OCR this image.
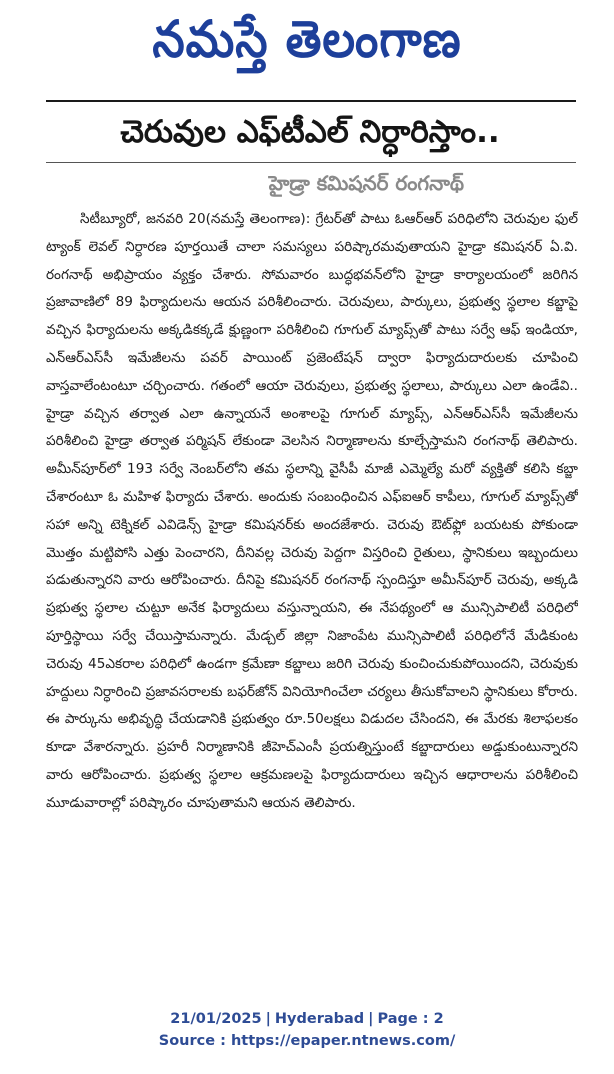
నమస్తే తెలంగాణ
చెరువుల ఎఫ్‌టీఎల్ నిర్ధారిస్తాం..
హైడ్రా కమిషనర్ రంగనాథ్
సిటీబ్యూరో, జనవరి 20(నమస్తే తెలంగాణ): గ్రేటర్‌తో పాటు ఓఆర్‌ఆర్ పరిధిలోని చెరువుల ఫుల్ ట్యాంక్ లెవల్ నిర్ధారణ పూర్తయితే చాలా సమస్యలు పరిష్కారమవుతాయని హైడ్రా కమిషనర్ ఏ.వి. రంగనాథ్ అభిప్రాయం వ్యక్తం చేశారు. సోమవారం బుద్ధభవన్‌లోని హైడ్రా కార్యాలయంలో జరిగిన ప్రజావాణిలో 89 ఫిర్యాదులను ఆయన పరిశీలించారు. చెరువులు, పార్కులు, ప్రభుత్వ స్థలాల కబ్జాపై వచ్చిన ఫిర్యాదులను అక్కడికక్కడే క్షుణ్ణంగా పరిశీలించి గూగుల్ మ్యాప్స్‌తో పాటు సర్వే ఆఫ్ ఇండియా, ఎన్ఆర్ఎస్‌సీ ఇమేజీలను పవర్ పాయింట్ ప్రజెంటేషన్ ద్వారా ఫిర్యాదుదారులకు చూపించి వాస్తవాలేంటంటూ చర్చించారు. గతంలో ఆయా చెరువులు, ప్రభుత్వ స్థలాలు, పార్కులు ఎలా ఉండేవి.. హైడ్రా వచ్చిన తర్వాత ఎలా ఉన్నాయనే అంశాలపై గూగుల్ మ్యాప్స్, ఎన్ఆర్ఎస్‌సీ ఇమేజీలను పరిశీలించి హైడ్రా తర్వాత పర్మిషన్ లేకుండా వెలసిన నిర్మాణాలను కూల్చేస్తామని రంగనాథ్ తెలిపారు. అమీన్‌పూర్‌లో 193 సర్వే నెంబర్‌లోని తమ స్థలాన్ని వైసీపీ మాజీ ఎమ్మెల్యే మరో వ్యక్తితో కలిసి కబ్జా చేశారంటూ ఓ మహిళ ఫిర్యాదు చేశారు. అందుకు సంబంధించిన ఎఫ్ఐఆర్ కాపీలు, గూగుల్ మ్యాప్స్‌తో సహా అన్ని టెక్నికల్ ఎవిడెన్స్ హైడ్రా కమిషనర్‌కు అందజేశారు. చెరువు ఔట్‌ఫ్లో బయటకు పోకుండా మొత్తం మట్టిపోసి ఎత్తు పెంచారని, దీనివల్ల చెరువు పెద్దగా విస్తరించి రైతులు, స్థానికులు ఇబ్బందులు పడుతున్నారని వారు ఆరోపించారు. దీనిపై కమిషనర్ రంగనాథ్ స్పందిస్తూ అమీన్‌పూర్ చెరువు, అక్కడి ప్రభుత్వ స్థలాల చుట్టూ అనేక ఫిర్యాదులు వస్తున్నాయని, ఈ నేపథ్యంలో ఆ మున్సిపాలిటీ పరిధిలో పూర్తిస్థాయి సర్వే చేయిస్తామన్నారు. మేడ్చల్ జిల్లా నిజాంపేట మున్సిపాలిటీ పరిధిలోనే మేడికుంట చెరువు 45ఎకరాల పరిధిలో ఉండగా క్రమేణా కబ్జాలు జరిగి చెరువు కుంచించుకుపోయిందని, చెరువుకు హద్దులు నిర్ధారించి ప్రజావసరాలకు బఫర్‌జోన్ వినియోగించేలా చర్యలు తీసుకోవాలని స్థానికులు కోరారు. ఈ పార్కును అభివృద్ధి చేయడానికి ప్రభుత్వం రూ.50లక్షలు విడుదల చేసిందని, ఈ మేరకు శిలాఫలకం కూడా వేశారన్నారు. ప్రహరీ నిర్మాణానికి జీహెచ్ఎంసీ ప్రయత్నిస్తుంటే కబ్జాదారులు అడ్డుకుంటున్నారని వారు ఆరోపించారు. ప్రభుత్వ స్థలాల ఆక్రమణలపై ఫిర్యాదుదారులు ఇచ్చిన ఆధారాలను పరిశీలించి మూడువారాల్లో పరిష్కారం చూపుతామని ఆయన తెలిపారు.
21/01/2025 | Hyderabad | Page : 2
Source : https://epaper.ntnews.com/
